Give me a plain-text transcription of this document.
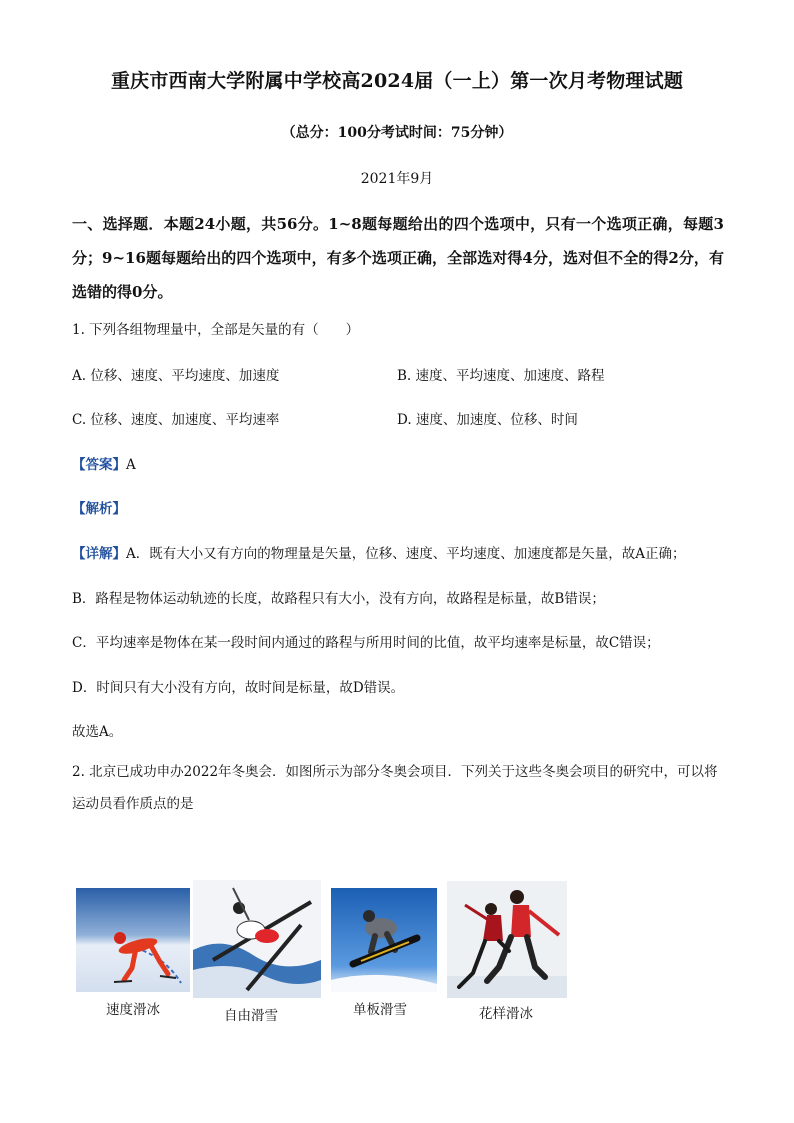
重庆市西南大学附属中学校高2024届（一上）第一次月考物理试题
（总分：100分考试时间：75分钟）
2021年9月
一、选择题．本题24小题，共56分。1~8题每题给出的四个选项中，只有一个选项正确，每题3分；9~16题每题给出的四个选项中，有多个选项正确，全部选对得4分，选对但不全的得2分，有选错的得0分。
1. 下列各组物理量中，全部是矢量的有（　　）
A. 位移、速度、平均速度、加速度	B. 速度、平均速度、加速度、路程
C. 位移、速度、加速度、平均速率	D. 速度、加速度、位移、时间
【答案】A
【解析】
【详解】A．既有大小又有方向的物理量是矢量，位移、速度、平均速度、加速度都是矢量，故A正确；
B．路程是物体运动轨迹的长度，故路程只有大小，没有方向，故路程是标量，故B错误；
C．平均速率是物体在某一段时间内通过的路程与所用时间的比值，故平均速率是标量，故C错误；
D．时间只有大小没有方向，故时间是标量，故D错误。
故选A。
2. 北京已成功申办2022年冬奥会．如图所示为部分冬奥会项目．下列关于这些冬奥会项目的研究中，可以将运动员看作质点的是
速度滑冰	自由滑雪	单板滑雪	花样滑冰
